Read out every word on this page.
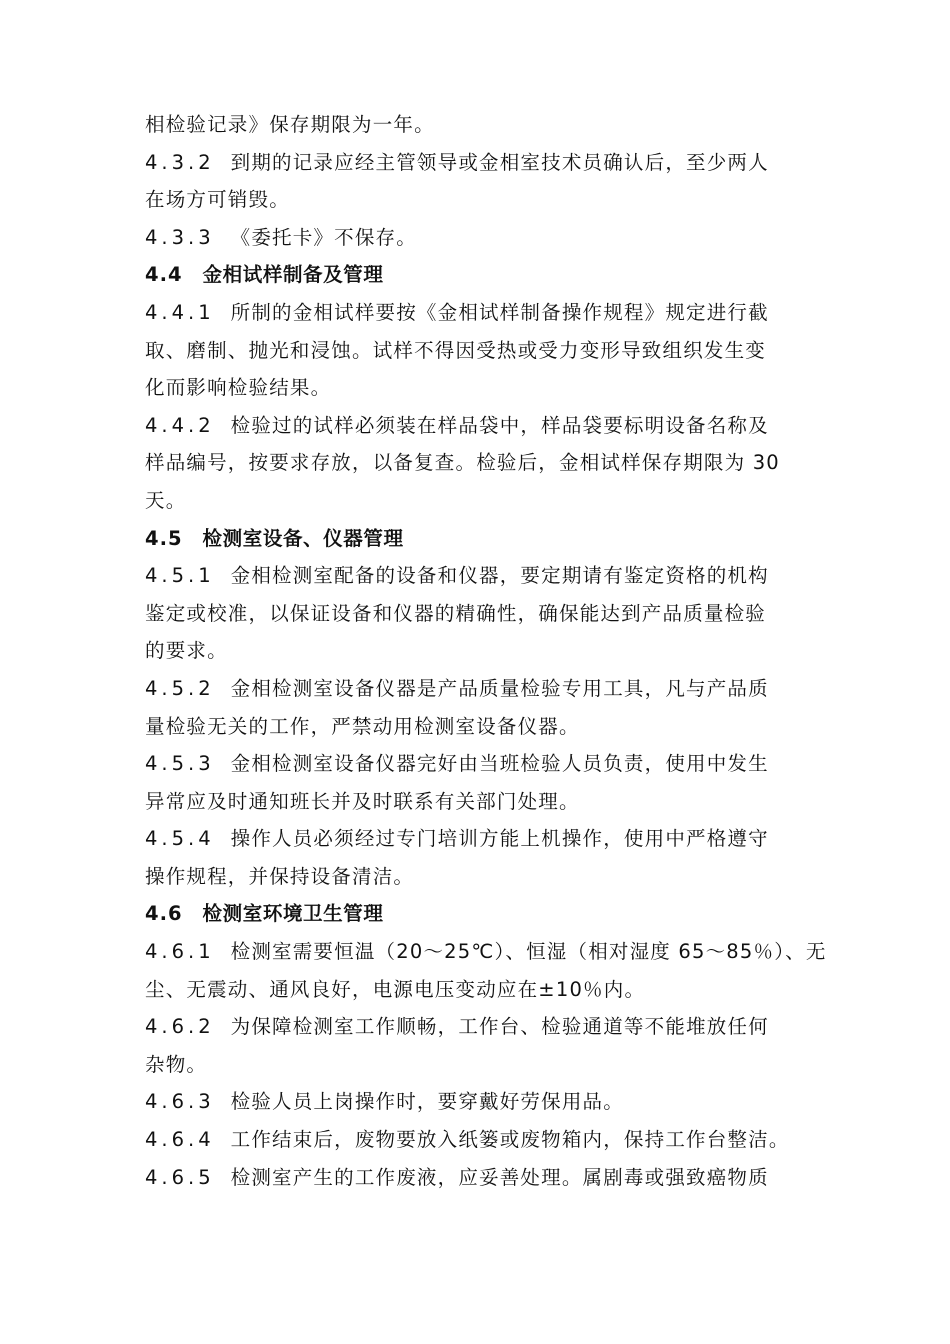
相检验记录》保存期限为一年。
4.3.2 到期的记录应经主管领导或金相室技术员确认后，至少两人
在场方可销毁。
4.3.3 《委托卡》不保存。
4.4 金相试样制备及管理
4.4.1 所制的金相试样要按《金相试样制备操作规程》规定进行截
取、磨制、抛光和浸蚀。试样不得因受热或受力变形导致组织发生变
化而影响检验结果。
4.4.2 检验过的试样必须装在样品袋中，样品袋要标明设备名称及
样品编号，按要求存放，以备复查。检验后，金相试样保存期限为 30
天。
4.5 检测室设备、仪器管理
4.5.1 金相检测室配备的设备和仪器，要定期请有鉴定资格的机构
鉴定或校准，以保证设备和仪器的精确性，确保能达到产品质量检验
的要求。
4.5.2 金相检测室设备仪器是产品质量检验专用工具，凡与产品质
量检验无关的工作，严禁动用检测室设备仪器。
4.5.3 金相检测室设备仪器完好由当班检验人员负责，使用中发生
异常应及时通知班长并及时联系有关部门处理。
4.5.4 操作人员必须经过专门培训方能上机操作，使用中严格遵守
操作规程，并保持设备清洁。
4.6 检测室环境卫生管理
4.6.1 检测室需要恒温（20～25℃）、恒湿（相对湿度 65～85％）、无
尘、无震动、通风良好，电源电压变动应在±10％内。
4.6.2 为保障检测室工作顺畅，工作台、检验通道等不能堆放任何
杂物。
4.6.3 检验人员上岗操作时，要穿戴好劳保用品。
4.6.4 工作结束后，废物要放入纸篓或废物箱内，保持工作台整洁。
4.6.5 检测室产生的工作废液，应妥善处理。属剧毒或强致癌物质
